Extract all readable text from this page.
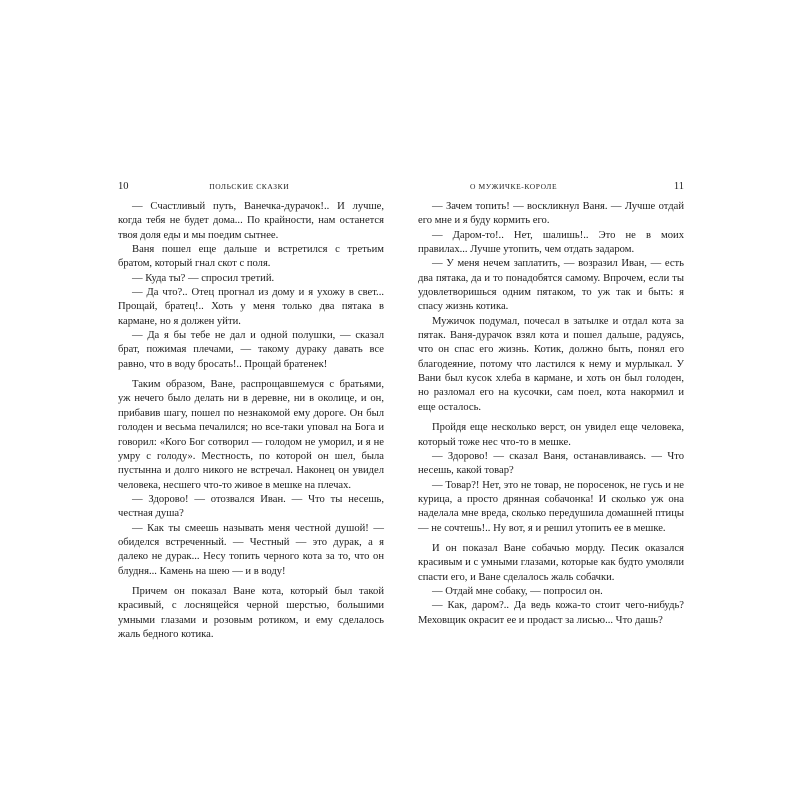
10	ПОЛЬСКИЕ СКАЗКИ

— Счастливый путь, Ванечка-дурачок!.. И лучше, когда тебя не будет дома... По крайности, нам останется твоя доля еды и мы поедим сытнее.

Ваня пошел еще дальше и встретился с третьим братом, который гнал скот с поля.

— Куда ты? — спросил третий.

— Да что?.. Отец прогнал из дому и я ухожу в свет... Прощай, братец!.. Хоть у меня только два пятака в кармане, но я должен уйти.

— Да я бы тебе не дал и одной полушки, — сказал брат, пожимая плечами, — такому дураку давать все равно, что в воду бросать!.. Прощай братенек!

Таким образом, Ване, распрощавшемуся с братьями, уж нечего было делать ни в деревне, ни в околице, и он, прибавив шагу, пошел по незнакомой ему дороге. Он был голоден и весьма печалился; но все-таки уповал на Бога и говорил: «Кого Бог сотворил — голодом не уморил, и я не умру с голоду». Местность, по которой он шел, была пустынна и долго никого не встречал. Наконец он увидел человека, несшего что-то живое в мешке на плечах.

— Здорово! — отозвался Иван. — Что ты несешь, честная душа?

— Как ты смеешь называть меня честной душой! — обиделся встреченный. — Честный — это дурак, а я далеко не дурак... Несу топить черного кота за то, что он блудня... Камень на шею — и в воду!

Причем он показал Ване кота, который был такой красивый, с лоснящейся черной шерстью, большими умными глазами и розовым ротиком, и ему сделалось жаль бедного котика.

О МУЖИЧКЕ-КОРОЛЕ	11

— Зачем топить! — воскликнул Ваня. — Лучше отдай его мне и я буду кормить его.

— Даром-то!.. Нет, шалишь!.. Это не в моих правилах... Лучше утопить, чем отдать задаром.

— У меня нечем заплатить, — возразил Иван, — есть два пятака, да и то понадобятся самому. Впрочем, если ты удовлетворишься одним пятаком, то уж так и быть: я спасу жизнь котика.

Мужичок подумал, почесал в затылке и отдал кота за пятак. Ваня-дурачок взял кота и пошел дальше, радуясь, что он спас его жизнь. Котик, должно быть, понял его благодеяние, потому что ластился к нему и мурлыкал. У Вани был кусок хлеба в кармане, и хоть он был голоден, но разломал его на кусочки, сам поел, кота накормил и еще осталось.

Пройдя еще несколько верст, он увидел еще человека, который тоже нес что-то в мешке.

— Здорово! — сказал Ваня, останавливаясь. — Что несешь, какой товар?

— Товар?! Нет, это не товар, не поросенок, не гусь и не курица, а просто дрянная собачонка! И сколько уж она наделала мне вреда, сколько передушила домашней птицы — не сочтешь!.. Ну вот, я и решил утопить ее в мешке.

И он показал Ване собачью морду. Песик оказался красивым и с умными глазами, которые как будто умоляли спасти его, и Ване сделалось жаль собачки.

— Отдай мне собаку, — попросил он.

— Как, даром?.. Да ведь кожа-то стоит чего-нибудь? Меховщик окрасит ее и продаст за лисью... Что дашь?
